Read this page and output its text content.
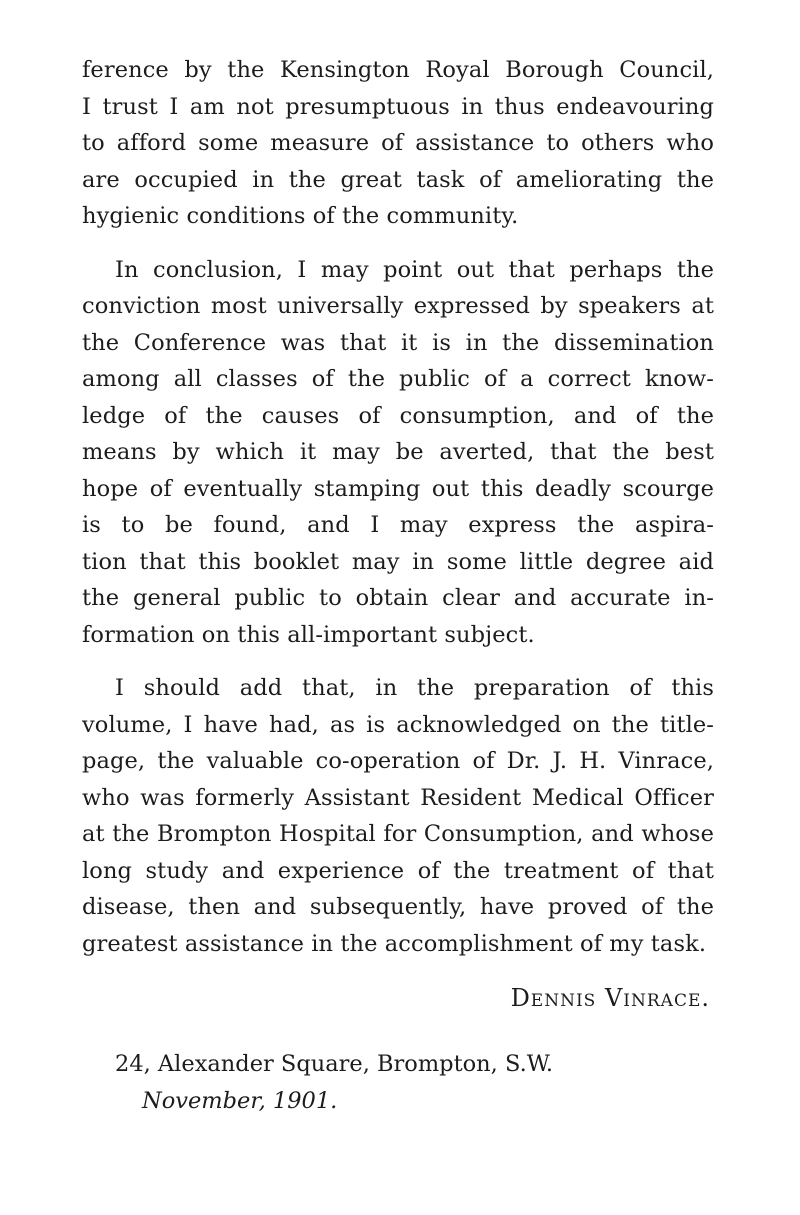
ference by the Kensington Royal Borough Council,
I trust I am not presumptuous in thus endeavouring
to afford some measure of assistance to others who
are occupied in the great task of ameliorating the
hygienic conditions of the community.
In conclusion, I may point out that perhaps the
conviction most universally expressed by speakers at
the Conference was that it is in the dissemination
among all classes of the public of a correct know-
ledge of the causes of consumption, and of the
means by which it may be averted, that the best
hope of eventually stamping out this deadly scourge
is to be found, and I may express the aspira-
tion that this booklet may in some little degree aid
the general public to obtain clear and accurate in-
formation on this all-important subject.
I should add that, in the preparation of this
volume, I have had, as is acknowledged on the title-
page, the valuable co-operation of Dr. J. H. Vinrace,
who was formerly Assistant Resident Medical Officer
at the Brompton Hospital for Consumption, and whose
long study and experience of the treatment of that
disease, then and subsequently, have proved of the
greatest assistance in the accomplishment of my task.
Dennis Vinrace.
24, Alexander Square, Brompton, S.W.
November, 1901.
